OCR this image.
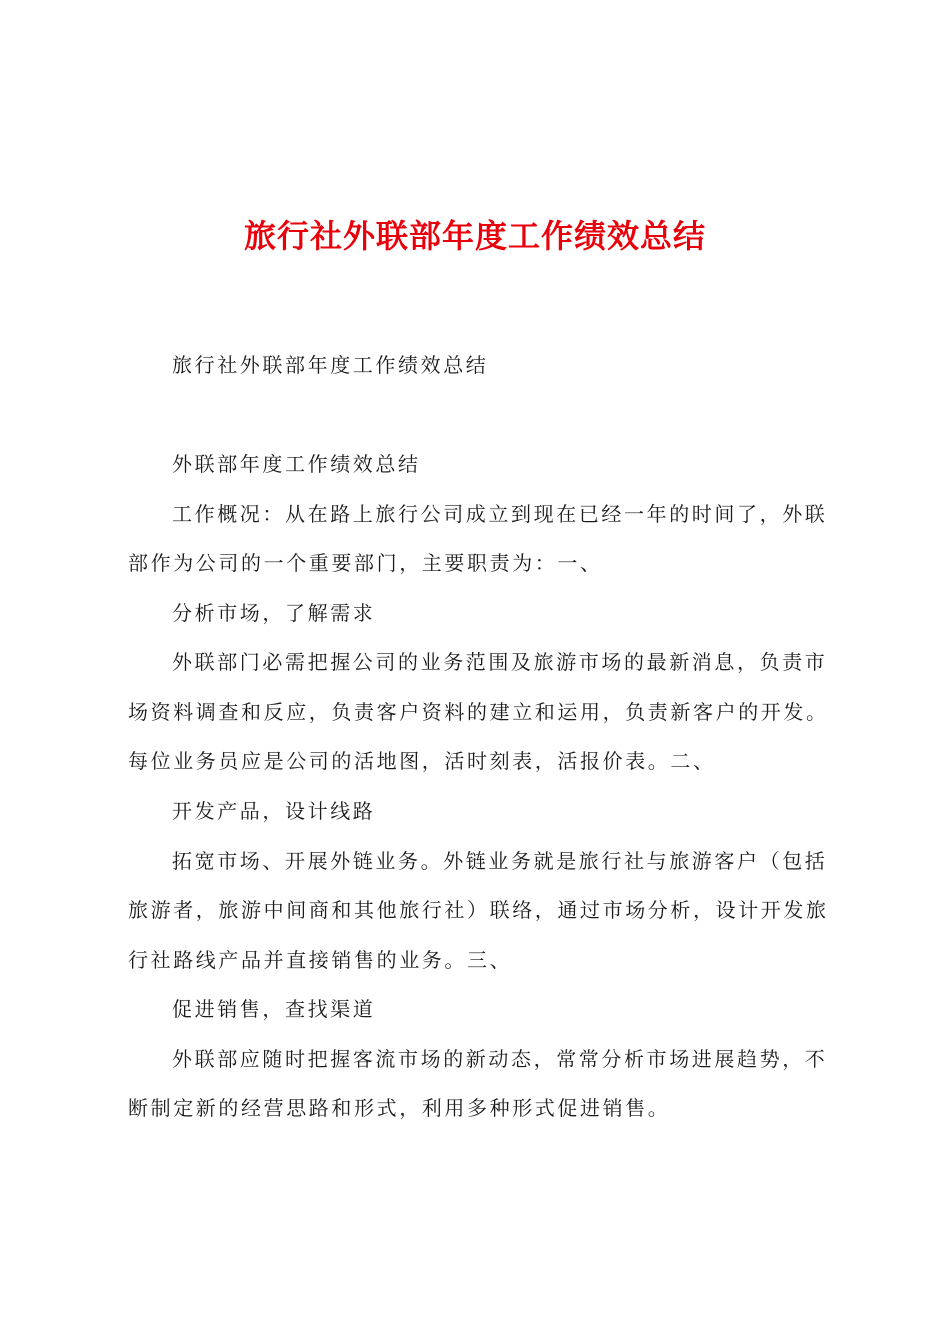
旅行社外联部年度工作绩效总结
旅行社外联部年度工作绩效总结
外联部年度工作绩效总结
工作概况：从在路上旅行公司成立到现在已经一年的时间了，外联
部作为公司的一个重要部门，主要职责为：一、
分析市场，了解需求
外联部门必需把握公司的业务范围及旅游市场的最新消息，负责市
场资料调查和反应，负责客户资料的建立和运用，负责新客户的开发。
每位业务员应是公司的活地图，活时刻表，活报价表。二、
开发产品，设计线路
拓宽市场、开展外链业务。外链业务就是旅行社与旅游客户（包括
旅游者，旅游中间商和其他旅行社）联络，通过市场分析，设计开发旅
行社路线产品并直接销售的业务。三、
促进销售，查找渠道
外联部应随时把握客流市场的新动态，常常分析市场进展趋势，不
断制定新的经营思路和形式，利用多种形式促进销售。
